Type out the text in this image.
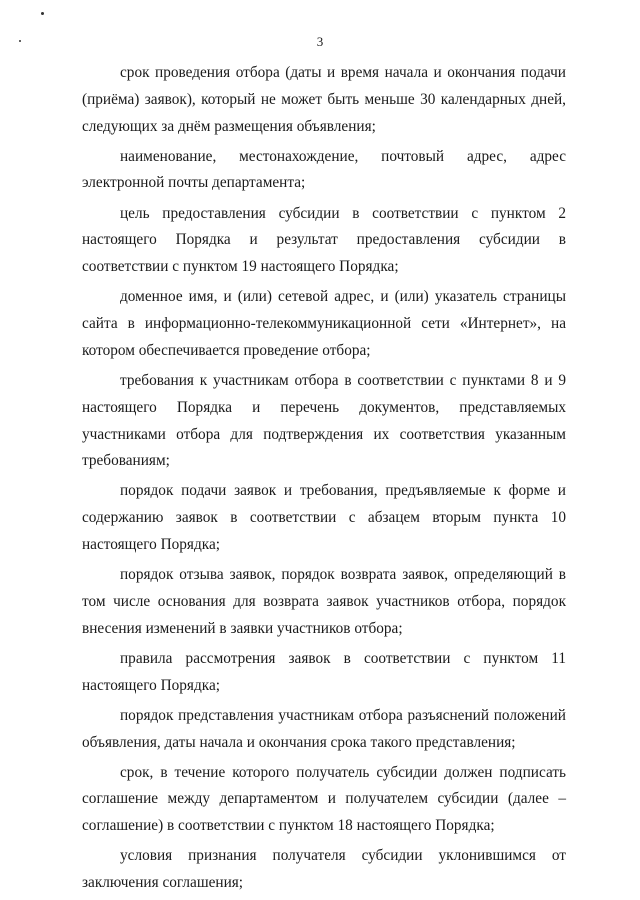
3

срок проведения отбора (даты и время начала и окончания подачи (приёма) заявок), который не может быть меньше 30 календарных дней, следующих за днём размещения объявления;

наименование, местонахождение, почтовый адрес, адрес электронной почты департамента;

цель предоставления субсидии в соответствии с пунктом 2 настоящего Порядка и результат предоставления субсидии в соответствии с пунктом 19 настоящего Порядка;

доменное имя, и (или) сетевой адрес, и (или) указатель страницы сайта в информационно-телекоммуникационной сети «Интернет», на котором обеспечивается проведение отбора;

требования к участникам отбора в соответствии с пунктами 8 и 9 настоящего Порядка и перечень документов, представляемых участниками отбора для подтверждения их соответствия указанным требованиям;

порядок подачи заявок и требования, предъявляемые к форме и содержанию заявок в соответствии с абзацем вторым пункта 10 настоящего Порядка;

порядок отзыва заявок, порядок возврата заявок, определяющий в том числе основания для возврата заявок участников отбора, порядок внесения изменений в заявки участников отбора;

правила рассмотрения заявок в соответствии с пунктом 11 настоящего Порядка;

порядок представления участникам отбора разъяснений положений объявления, даты начала и окончания срока такого представления;

срок, в течение которого получатель субсидии должен подписать соглашение между департаментом и получателем субсидии (далее – соглашение) в соответствии с пунктом 18 настоящего Порядка;

условия признания получателя субсидии уклонившимся от заключения соглашения;
